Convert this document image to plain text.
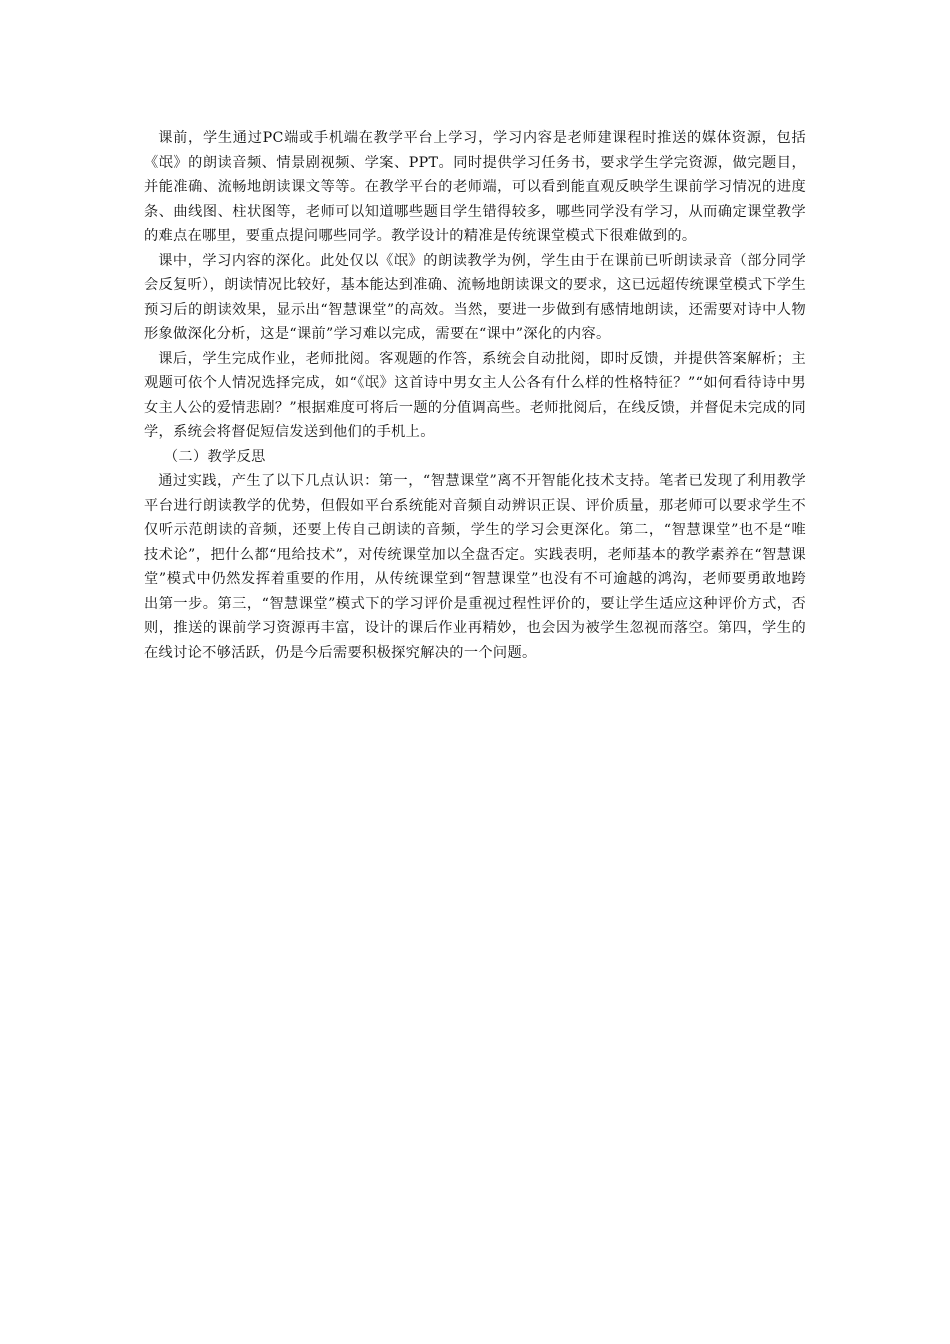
课前，学生通过PC端或手机端在教学平台上学习，学习内容是老师建课程时推送的媒体资源，包括《氓》的朗读音频、情景剧视频、学案、PPT。同时提供学习任务书，要求学生学完资源，做完题目，并能准确、流畅地朗读课文等等。在教学平台的老师端，可以看到能直观反映学生课前学习情况的进度条、曲线图、柱状图等，老师可以知道哪些题目学生错得较多，哪些同学没有学习，从而确定课堂教学的难点在哪里，要重点提问哪些同学。教学设计的精准是传统课堂模式下很难做到的。

课中，学习内容的深化。此处仅以《氓》的朗读教学为例，学生由于在课前已听朗读录音（部分同学会反复听），朗读情况比较好，基本能达到准确、流畅地朗读课文的要求，这已远超传统课堂模式下学生预习后的朗读效果，显示出“智慧课堂”的高效。当然，要进一步做到有感情地朗读，还需要对诗中人物形象做深化分析，这是“课前”学习难以完成，需要在“课中”深化的内容。

课后，学生完成作业，老师批阅。客观题的作答，系统会自动批阅，即时反馈，并提供答案解析；主观题可依个人情况选择完成，如“《氓》这首诗中男女主人公各有什么样的性格特征？”“如何看待诗中男女主人公的爱情悲剧？”根据难度可将后一题的分值调高些。老师批阅后，在线反馈，并督促未完成的同学，系统会将督促短信发送到他们的手机上。

（二）教学反思

通过实践，产生了以下几点认识：第一，“智慧课堂”离不开智能化技术支持。笔者已发现了利用教学平台进行朗读教学的优势，但假如平台系统能对音频自动辨识正误、评价质量，那老师可以要求学生不仅听示范朗读的音频，还要上传自己朗读的音频，学生的学习会更深化。第二，“智慧课堂”也不是“唯技术论”，把什么都“甩给技术”，对传统课堂加以全盘否定。实践表明，老师基本的教学素养在“智慧课堂”模式中仍然发挥着重要的作用，从传统课堂到“智慧课堂”也没有不可逾越的鸿沟，老师要勇敢地跨出第一步。第三，“智慧课堂”模式下的学习评价是重视过程性评价的，要让学生适应这种评价方式，否则，推送的课前学习资源再丰富，设计的课后作业再精妙，也会因为被学生忽视而落空。第四，学生的在线讨论不够活跃，仍是今后需要积极探究解决的一个问题。
